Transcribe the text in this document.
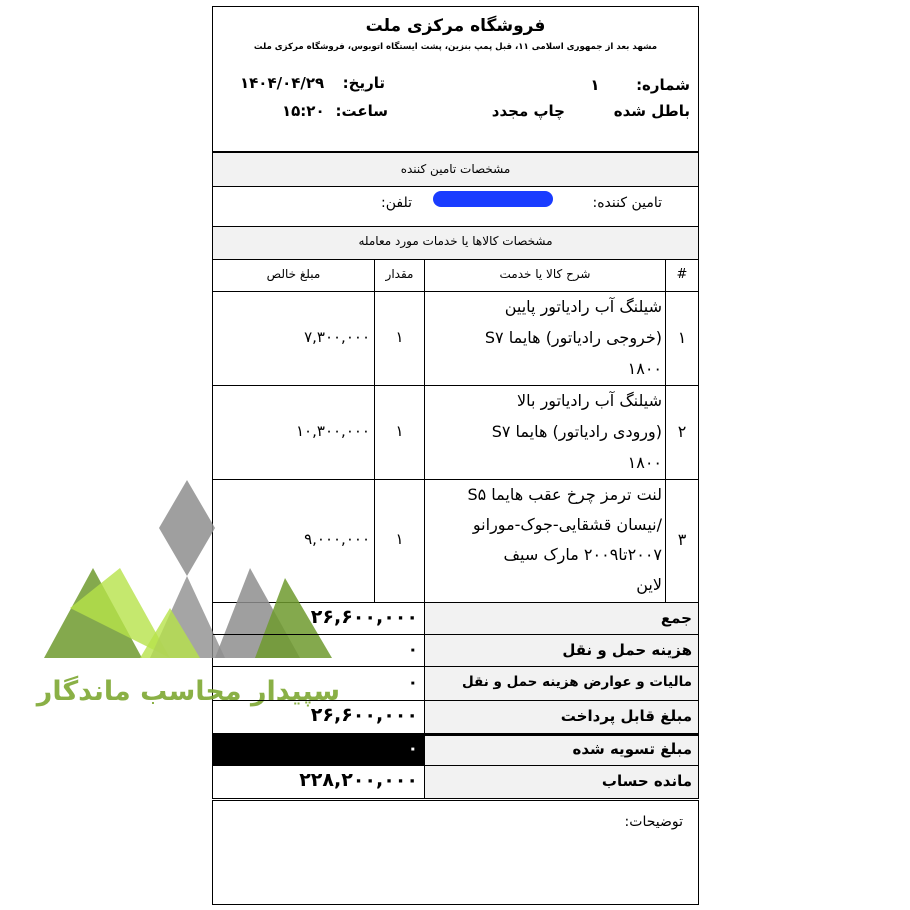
فروشگاه مرکزی ملت
مشهد بعد از جمهوری اسلامی ۱۱، قبل پمپ بنزین، پشت ایستگاه اتوبوس، فروشگاه مرکزی ملت
شماره:
۱
تاریخ:
۱۴۰۴/۰۴/۲۹
باطل شده
چاپ مجدد
ساعت:
۱۵:۲۰
مشخصات تامین کننده
تامین کننده:
تلفن:
مشخصات کالاها یا خدمات مورد معامله
#
شرح کالا یا خدمت
مقدار
مبلغ خالص
۱
شیلنگ آب رادیاتور پایین
(خروجی رادیاتور) هایما S۷
۱۸۰۰
۱
۷,۳۰۰,۰۰۰
۲
شیلنگ آب رادیاتور بالا
(ورودی رادیاتور) هایما S۷
۱۸۰۰
۱
۱۰,۳۰۰,۰۰۰
۳
لنت ترمز چرخ عقب هایما S۵
/نیسان قشقایی-جوک-مورانو
۲۰۰۷تا۲۰۰۹ مارک سیف
لاین
۱
۹,۰۰۰,۰۰۰
سپیدار محاسب ماندگار
جمع
۲۶,۶۰۰,۰۰۰
هزینه حمل و نقل
۰
مالیات و عوارض هزینه حمل و نقل
۰
مبلغ قابل پرداخت
۲۶,۶۰۰,۰۰۰
مبلغ تسویه شده
۰
مانده حساب
۲۲۸,۲۰۰,۰۰۰
توضیحات:
